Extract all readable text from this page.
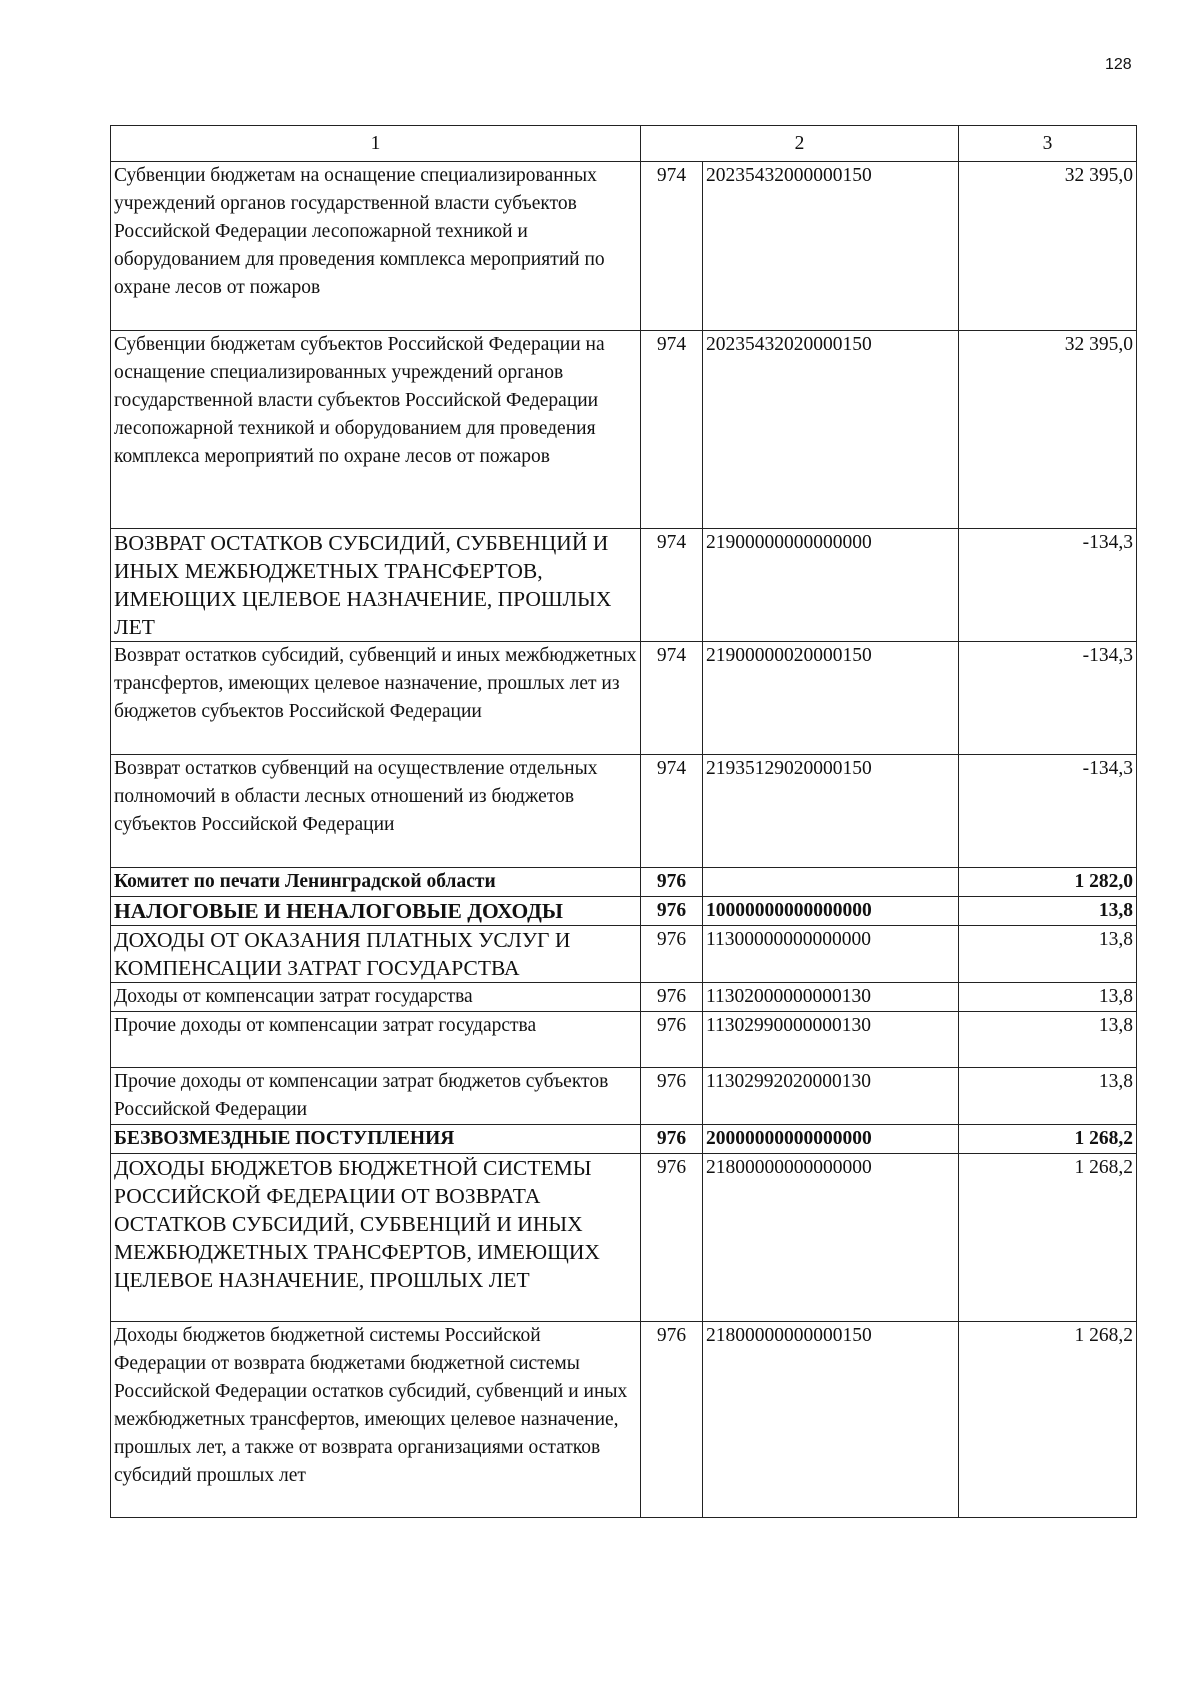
128
1	2		3
Субвенции бюджетам на оснащение специализированных учреждений органов государственной власти субъектов Российской Федерации лесопожарной техникой и оборудованием для проведения комплекса мероприятий по охране лесов от пожаров	974	20235432000000150	32 395,0
Субвенции бюджетам субъектов Российской Федерации на оснащение специализированных учреждений органов государственной власти субъектов Российской Федерации лесопожарной техникой и оборудованием для проведения комплекса мероприятий по охране лесов от пожаров	974	20235432020000150	32 395,0
ВОЗВРАТ ОСТАТКОВ СУБСИДИЙ, СУБВЕНЦИЙ И ИНЫХ МЕЖБЮДЖЕТНЫХ ТРАНСФЕРТОВ, ИМЕЮЩИХ ЦЕЛЕВОЕ НАЗНАЧЕНИЕ, ПРОШЛЫХ ЛЕТ	974	21900000000000000	-134,3
Возврат остатков субсидий, субвенций и иных межбюджетных трансфертов, имеющих целевое назначение, прошлых лет из бюджетов субъектов Российской Федерации	974	21900000020000150	-134,3
Возврат остатков субвенций на осуществление отдельных полномочий в области лесных отношений из бюджетов субъектов Российской Федерации	974	21935129020000150	-134,3
Комитет по печати Ленинградской области	976		1 282,0
НАЛОГОВЫЕ И НЕНАЛОГОВЫЕ ДОХОДЫ	976	10000000000000000	13,8
ДОХОДЫ ОТ ОКАЗАНИЯ ПЛАТНЫХ УСЛУГ И КОМПЕНСАЦИИ ЗАТРАТ ГОСУДАРСТВА	976	11300000000000000	13,8
Доходы от компенсации затрат государства	976	11302000000000130	13,8
Прочие доходы от компенсации затрат государства	976	11302990000000130	13,8
Прочие доходы от компенсации затрат бюджетов субъектов Российской Федерации	976	11302992020000130	13,8
БЕЗВОЗМЕЗДНЫЕ ПОСТУПЛЕНИЯ	976	20000000000000000	1 268,2
ДОХОДЫ БЮДЖЕТОВ БЮДЖЕТНОЙ СИСТЕМЫ РОССИЙСКОЙ ФЕДЕРАЦИИ ОТ ВОЗВРАТА ОСТАТКОВ СУБСИДИЙ, СУБВЕНЦИЙ И ИНЫХ МЕЖБЮДЖЕТНЫХ ТРАНСФЕРТОВ, ИМЕЮЩИХ ЦЕЛЕВОЕ НАЗНАЧЕНИЕ, ПРОШЛЫХ ЛЕТ	976	21800000000000000	1 268,2
Доходы бюджетов бюджетной системы Российской Федерации от возврата бюджетами бюджетной системы Российской Федерации остатков субсидий, субвенций и иных межбюджетных трансфертов, имеющих целевое назначение, прошлых лет, а также от возврата организациями остатков субсидий прошлых лет	976	21800000000000150	1 268,2
